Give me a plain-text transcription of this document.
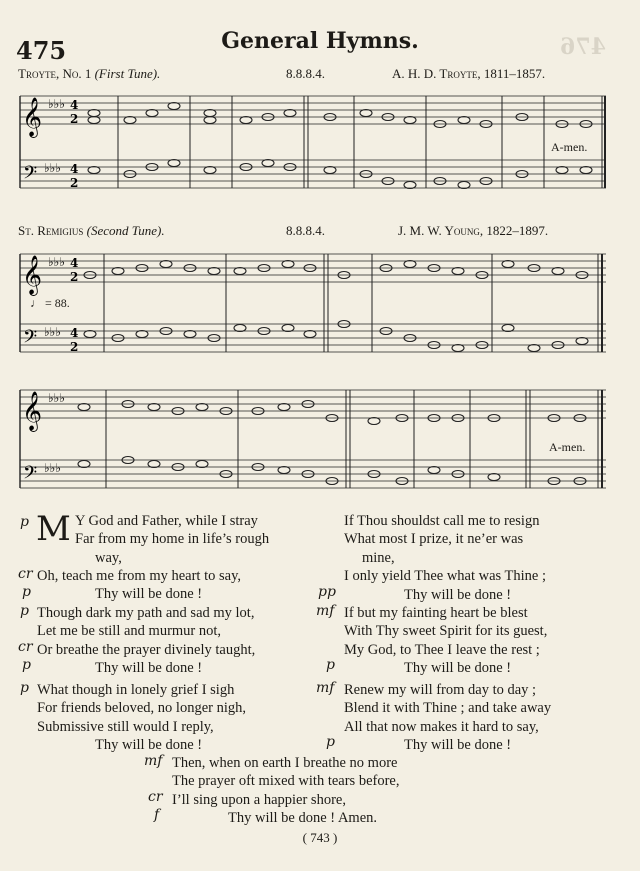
476
475	General Hymns.
Troyte, No. 1 (First Tune).	8.8.8.4.	A. H. D. Troyte, 1811–1857.
𝄞
𝄢
♭♭♭
♭♭♭
4
2
4
2
A-men.
St. Remigius (Second Tune).	8.8.8.4.	J. M. W. Young, 1822–1897.
𝄞
𝄢
♭♭♭
♭♭♭
4
2
4
2
♩ = 88.
𝄞
𝄢
♭♭♭
♭♭♭
A-men.
p M Y God and Father, while I stray
Far from my home in life’s rough
way,
cr Oh, teach me from my heart to say,
p	Thy will be done !
p Though dark my path and sad my lot,
Let me be still and murmur not,
Or breathe the prayer divinely taught,
Thy will be done !
cr
p
p What though in lonely grief I sigh
For friends beloved, no longer nigh,
Submissive still would I reply,
Thy will be done !
If Thou shouldst call me to resign
What most I prize, it ne’er was
mine,
I only yield Thee what was Thine ;
Thy will be done !
pp
mf If but my fainting heart be blest
With Thy sweet Spirit for its guest,
My God, to Thee I leave the rest ;
Thy will be done !
p
mf Renew my will from day to day ;
Blend it with Thine ; and take away
All that now makes it hard to say,
Thy will be done !
p
mf Then, when on earth I breathe no more
The prayer oft mixed with tears before,
I’ll sing upon a happier shore,
Thy will be done ! Amen.
cr
f
( 743 )
